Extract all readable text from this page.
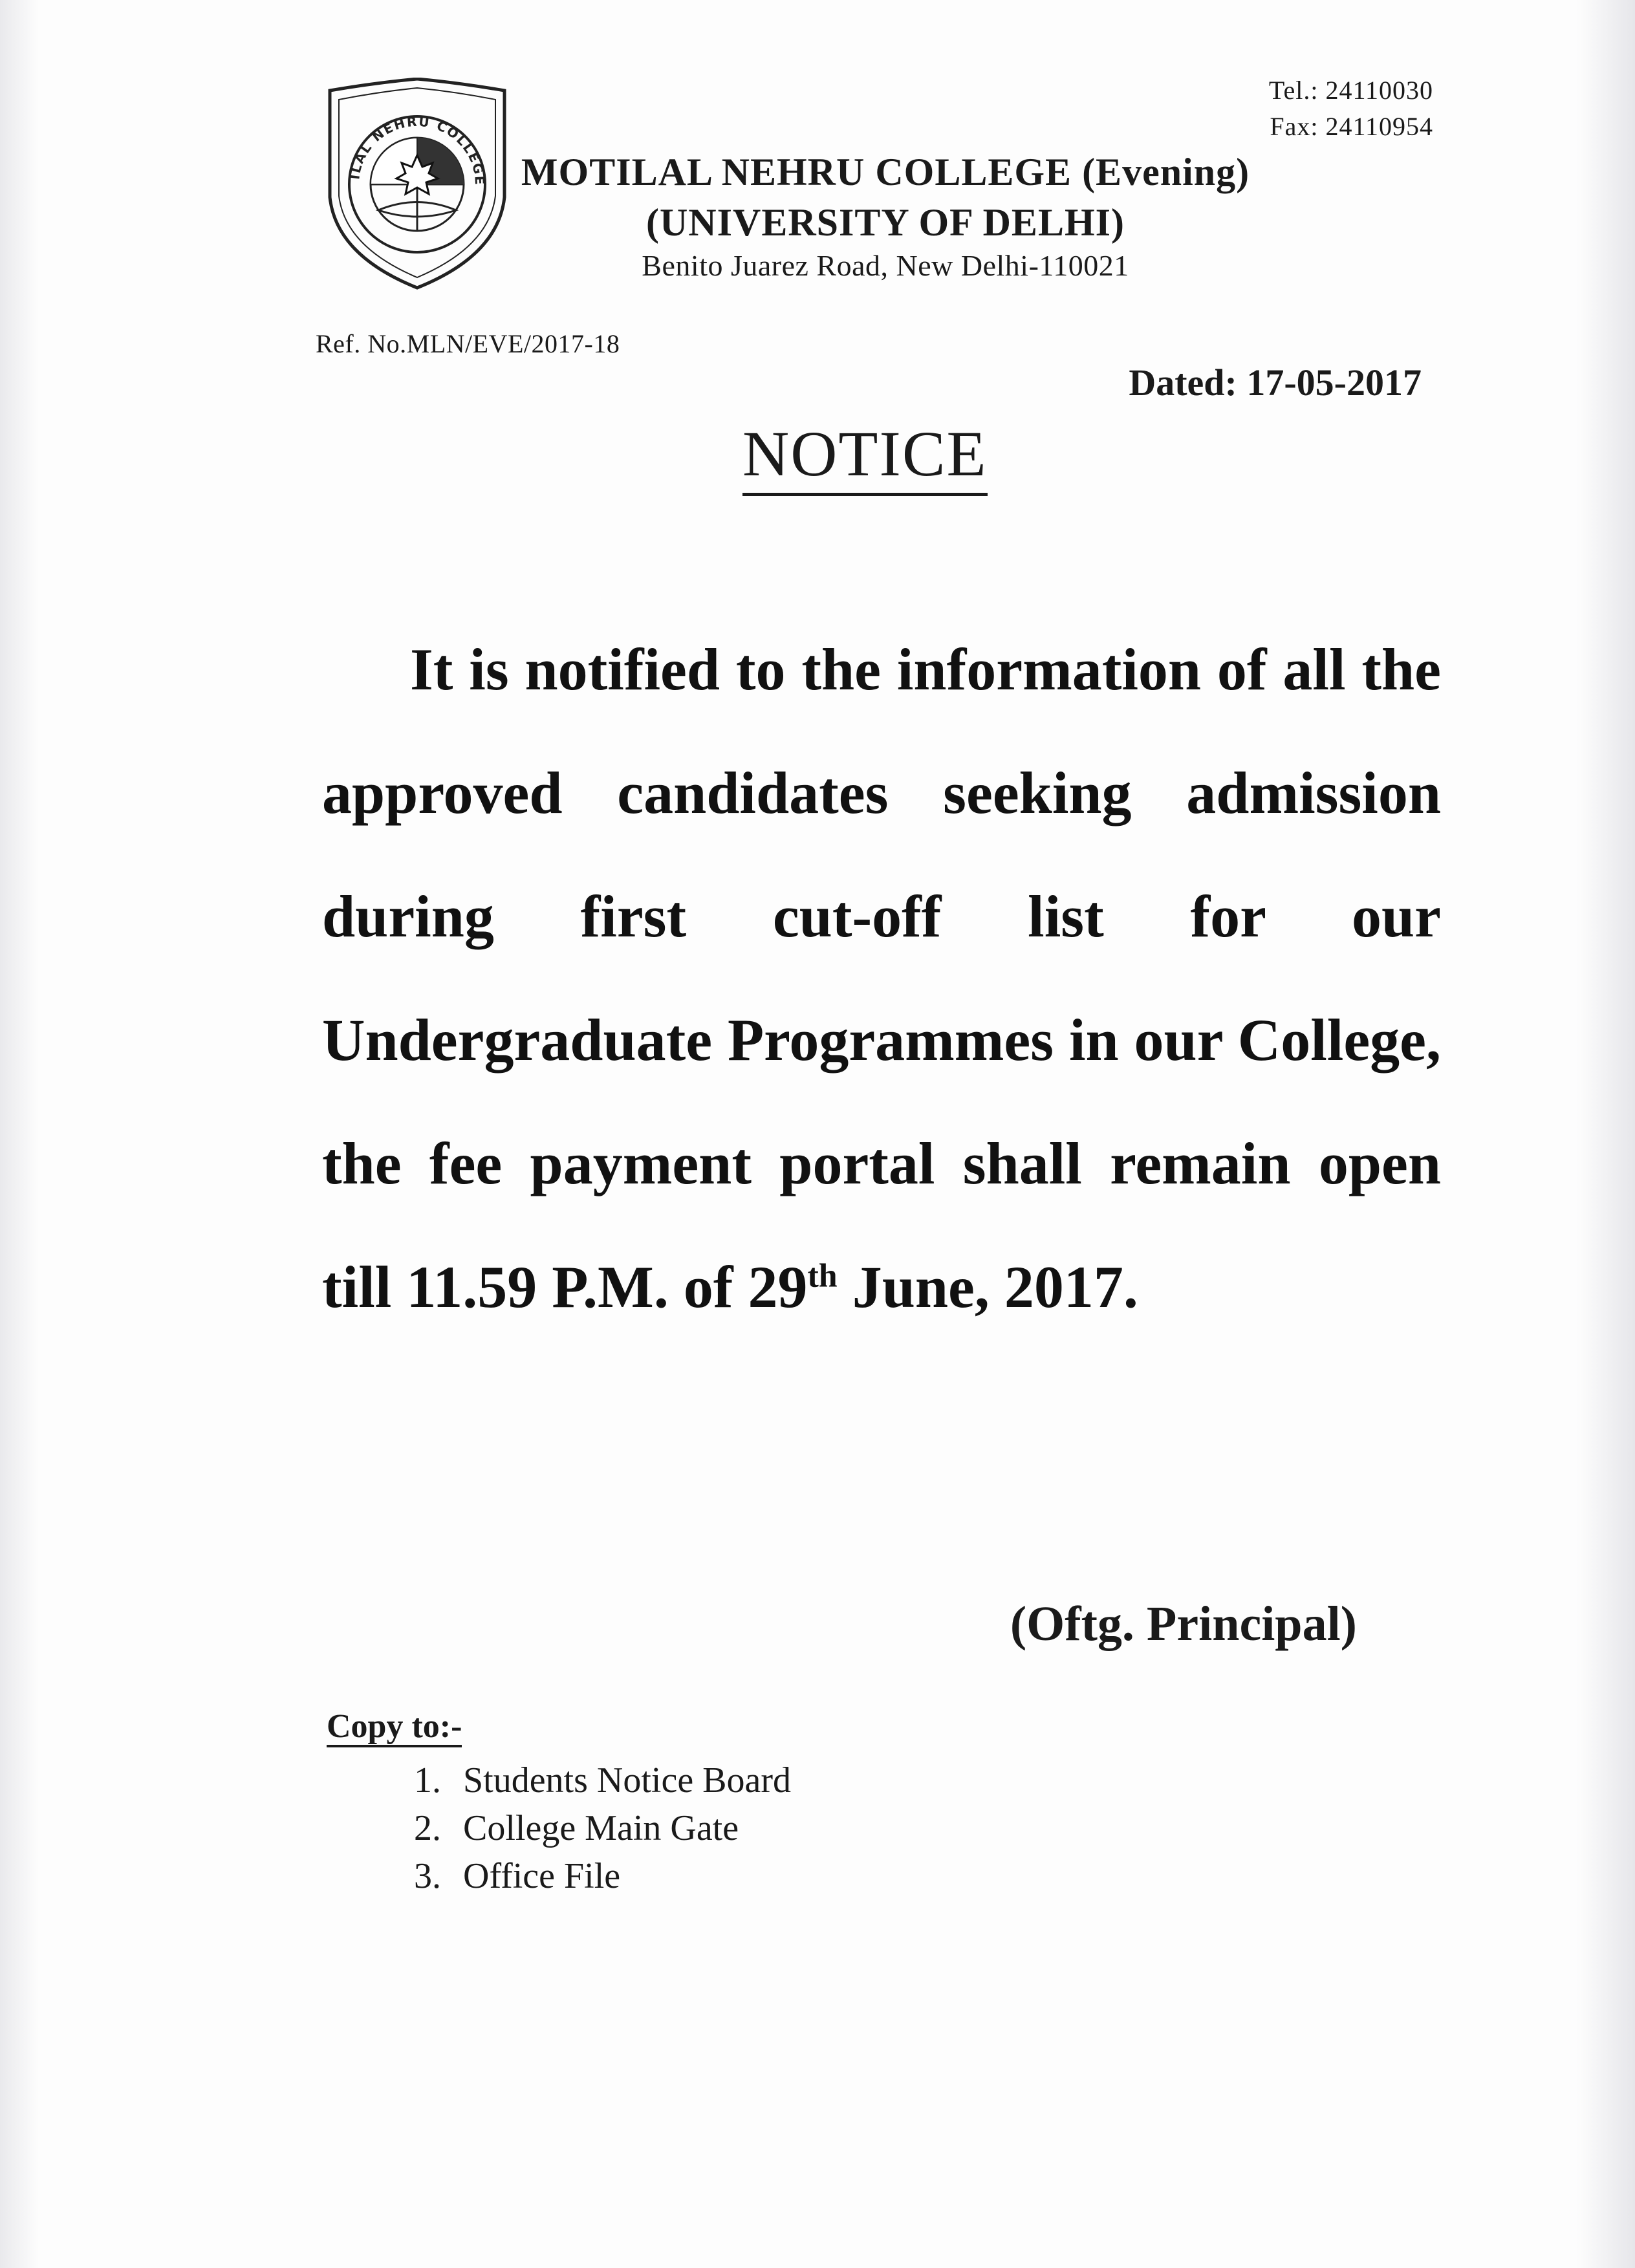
ILAL NEHRU COLLEGE
Tel.: 24110030
Fax: 24110954
MOTILAL NEHRU COLLEGE (Evening)
(UNIVERSITY OF DELHI)
Benito Juarez Road, New Delhi-110021
Ref. No.MLN/EVE/2017-18
Dated: 17-05-2017
NOTICE
It is notified to the information of all the approved candidates seeking admission during first cut-off list for our Undergraduate Programmes in our College, the fee payment portal shall remain open till 11.59 P.M. of 29th June, 2017.
(Oftg. Principal)
Copy to:-
1. Students Notice Board
2. College Main Gate
3. Office File
